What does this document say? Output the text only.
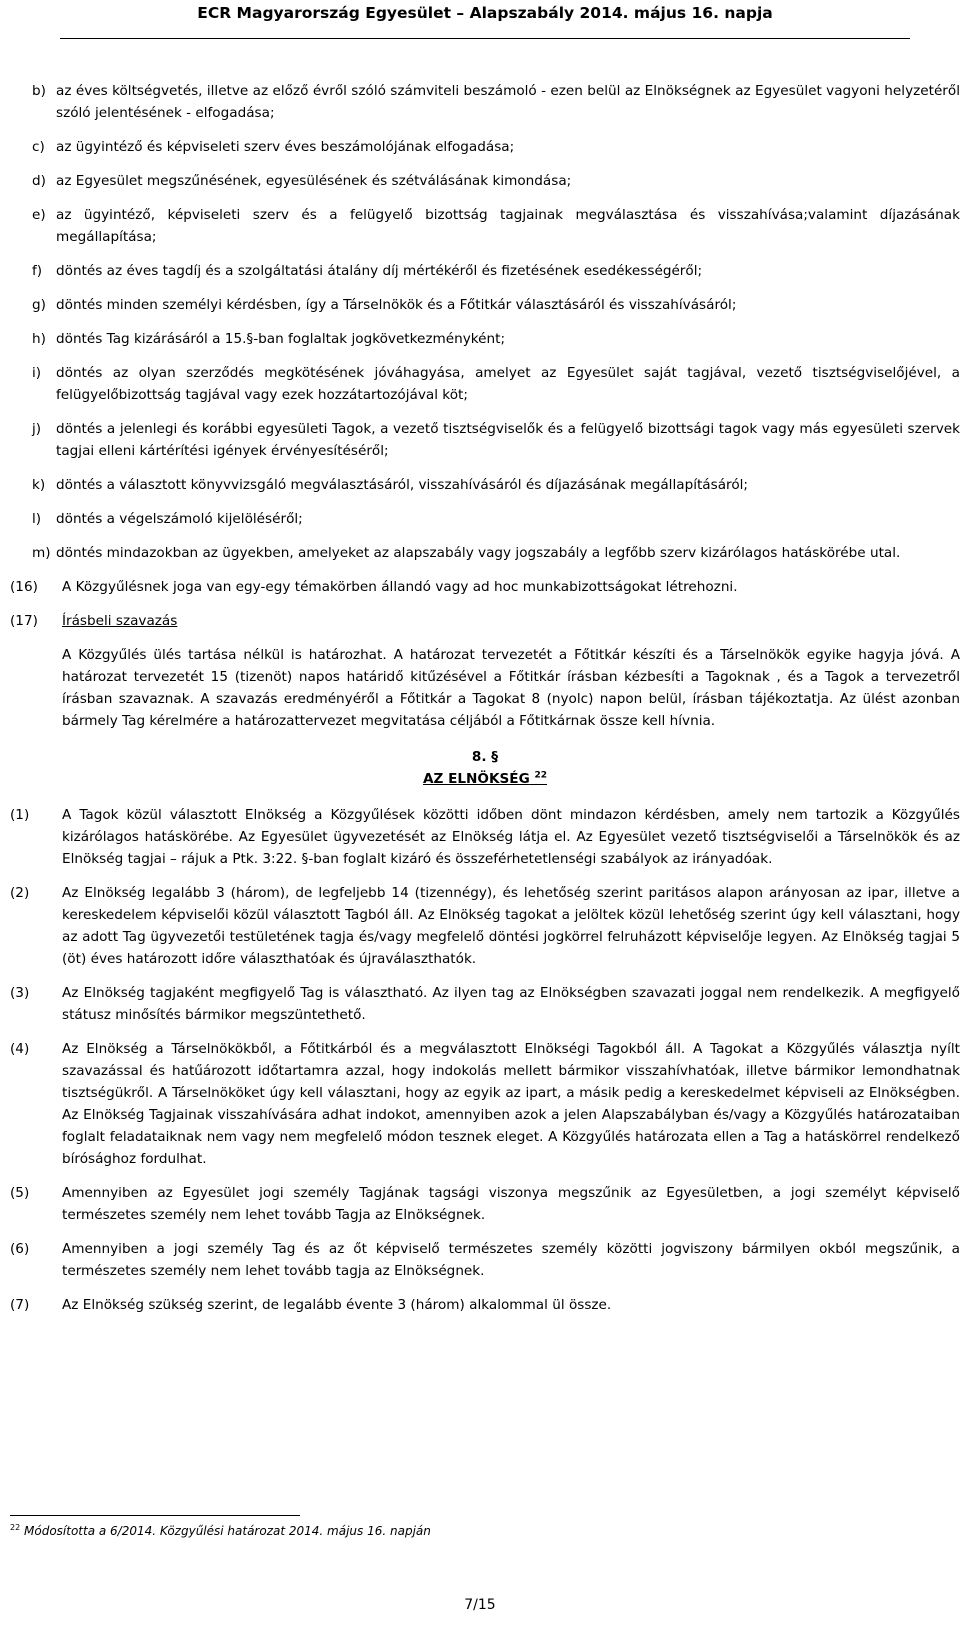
ECR Magyarország Egyesület – Alapszabály 2014. május 16. napja
b) az éves költségvetés, illetve az előző évről szóló számviteli beszámoló - ezen belül az Elnökségnek az Egyesület vagyoni helyzetéről szóló jelentésének - elfogadása;
c) az ügyintéző és képviseleti szerv éves beszámolójának elfogadása;
d) az Egyesület megszűnésének, egyesülésének és szétválásának kimondása;
e) az ügyintéző, képviseleti szerv és a felügyelő bizottság tagjainak megválasztása és visszahívása;valamint díjazásának megállapítása;
f)	döntés az éves tagdíj és a szolgáltatási átalány díj mértékéről és fizetésének esedékességéről;
g) döntés minden személyi kérdésben, így a Társelnökök és a Főtitkár választásáról és visszahívásáról;
h) döntés Tag kizárásáról a 15.§-ban foglaltak jogkövetkezményként;
i)	döntés az olyan szerződés megkötésének jóváhagyása, amelyet az Egyesület saját tagjával, vezető tisztségviselőjével, a felügyelőbizottság tagjával vagy ezek hozzátartozójával köt;
j)	döntés a jelenlegi és korábbi egyesületi Tagok, a vezető tisztségviselők és a felügyelő bizottsági tagok vagy más egyesületi szervek tagjai elleni kártérítési igények érvényesítéséről;
k) döntés a választott könyvvizsgáló megválasztásáról, visszahívásáról és díjazásának megállapításáról;
l)	döntés a végelszámoló kijelöléséről;
m) döntés mindazokban az ügyekben, amelyeket az alapszabály vagy jogszabály a legfőbb szerv kizárólagos hatáskörébe utal.
(16)	A Közgyűlésnek joga van egy-egy témakörben állandó vagy ad hoc munkabizottságokat létrehozni.
(17)	Írásbeli szavazás
A Közgyűlés ülés tartása nélkül is határozhat. A határozat tervezetét a Főtitkár készíti és a Társelnökök egyike hagyja jóvá. A határozat tervezetét 15 (tizenöt) napos határidő kitűzésével a Főtitkár írásban kézbesíti a Tagoknak , és a Tagok a tervezetről írásban szavaznak. A szavazás eredményéről a Főtitkár a Tagokat 8 (nyolc) napon belül, írásban tájékoztatja. Az ülést azonban bármely Tag kérelmére a határozattervezet megvitatása céljából a Főtitkárnak össze kell hívnia.
8. §
AZ ELNÖKSÉG $^{22}$
(1)	A Tagok közül választott Elnökség a Közgyűlések közötti időben dönt mindazon kérdésben, amely nem tartozik a Közgyűlés kizárólagos hatáskörébe. Az Egyesület ügyvezetését az Elnökség látja el. Az Egyesület vezető tisztségviselői a Társelnökök és az Elnökség tagjai – rájuk a Ptk. 3:22. §-ban foglalt kizáró és összeférhetetlenségi szabályok az irányadóak.
(2)	Az Elnökség legalább 3 (három), de legfeljebb 14 (tizennégy), és lehetőség szerint paritásos alapon arányosan az ipar, illetve a kereskedelem képviselői közül választott Tagból áll. Az Elnökség tagokat a jelöltek közül lehetőség szerint úgy kell választani, hogy az adott Tag ügyvezetői testületének tagja és/vagy megfelelő döntési jogkörrel felruházott képviselője legyen. Az Elnökség tagjai 5 (öt) éves határozott időre választhatóak és újraválaszthatók.
(3)	Az Elnökség tagjaként megfigyelő Tag is választható. Az ilyen tag az Elnökségben szavazati joggal nem rendelkezik. A megfigyelő státusz minősítés bármikor megszüntethető.
(4)	Az Elnökség a Társelnökökből, a Főtitkárból és a megválasztott Elnökségi Tagokból áll. A Tagokat a Közgyűlés választja nyílt szavazással és hatűározott időtartamra azzal, hogy indokolás mellett bármikor visszahívhatóak, illetve bármikor lemondhatnak tisztségükről. A Társelnököket úgy kell választani, hogy az egyik az ipart, a másik pedig a kereskedelmet képviseli az Elnökségben. Az Elnökség Tagjainak visszahívására adhat indokot, amennyiben azok a jelen Alapszabályban és/vagy a Közgyűlés határozataiban foglalt feladataiknak nem vagy nem megfelelő módon tesznek eleget. A Közgyűlés határozata ellen a Tag a hatáskörrel rendelkező bírósághoz fordulhat.
(5)	Amennyiben az Egyesület jogi személy Tagjának tagsági viszonya megszűnik az Egyesületben, a jogi személyt képviselő természetes személy nem lehet tovább Tagja az Elnökségnek.
(6)	Amennyiben a jogi személy Tag és az őt képviselő természetes személy közötti jogviszony bármilyen okból megszűnik, a természetes személy nem lehet tovább tagja az Elnökségnek.
(7)	Az Elnökség szükség szerint, de legalább évente 3 (három) alkalommal ül össze.
$^{22}$ Módosította a 6/2014. Közgyűlési határozat 2014. május 16. napján
7/15
